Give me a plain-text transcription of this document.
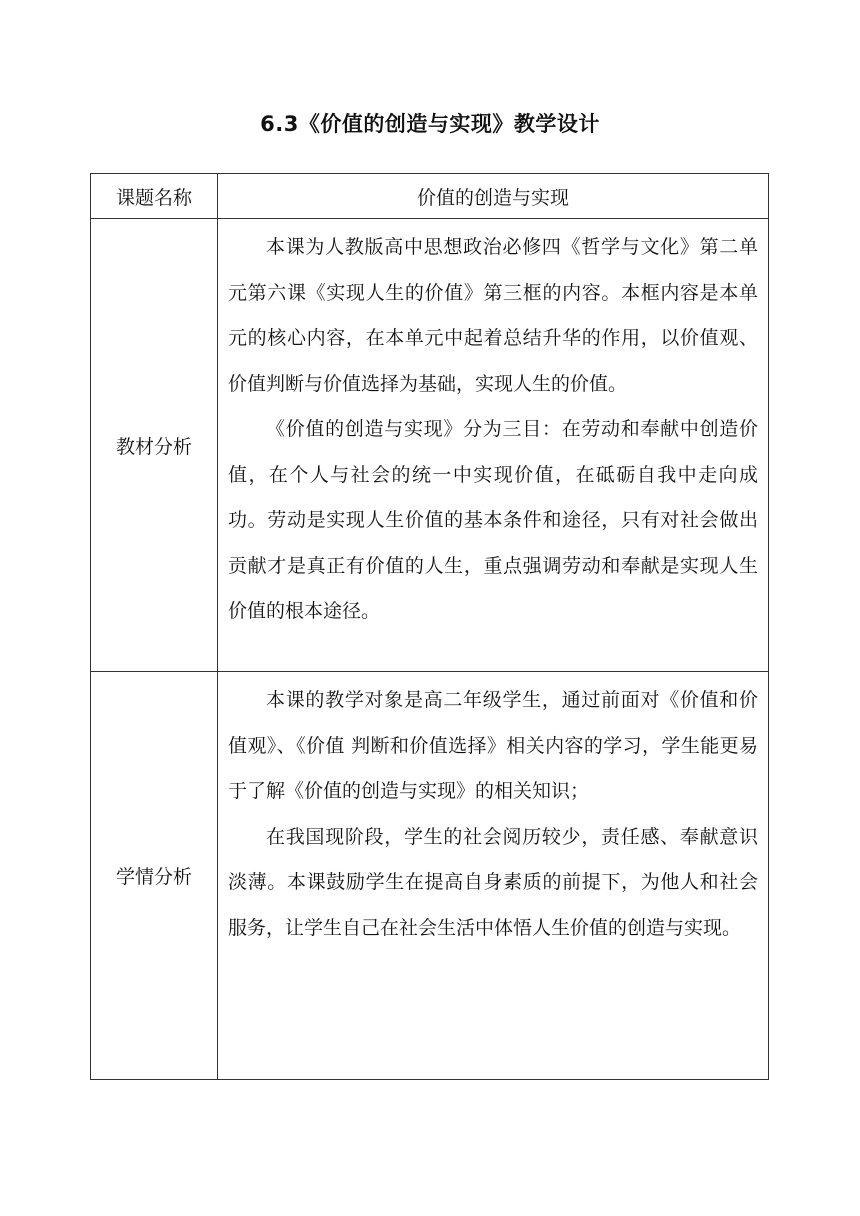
6.3《价值的创造与实现》教学设计
课题名称	价值的创造与实现
教材分析	本课为人教版高中思想政治必修四《哲学与文化》第二单元第六课《实现人生的价值》第三框的内容。本框内容是本单元的核心内容，在本单元中起着总结升华的作用，以价值观、价值判断与价值选择为基础，实现人生的价值。

《价值的创造与实现》分为三目：在劳动和奉献中创造价值，在个人与社会的统一中实现价值，在砥砺自我中走向成功。劳动是实现人生价值的基本条件和途径，只有对社会做出贡献才是真正有价值的人生，重点强调劳动和奉献是实现人生价值的根本途径。

学情分析	本课的教学对象是高二年级学生，通过前面对《价值和价值观》、《价值 判断和价值选择》相关内容的学习，学生能更易于了解《价值的创造与实现》的相关知识；

在我国现阶段，学生的社会阅历较少，责任感、奉献意识淡薄。本课鼓励学生在提高自身素质的前提下，为他人和社会服务，让学生自己在社会生活中体悟人生价值的创造与实现。
